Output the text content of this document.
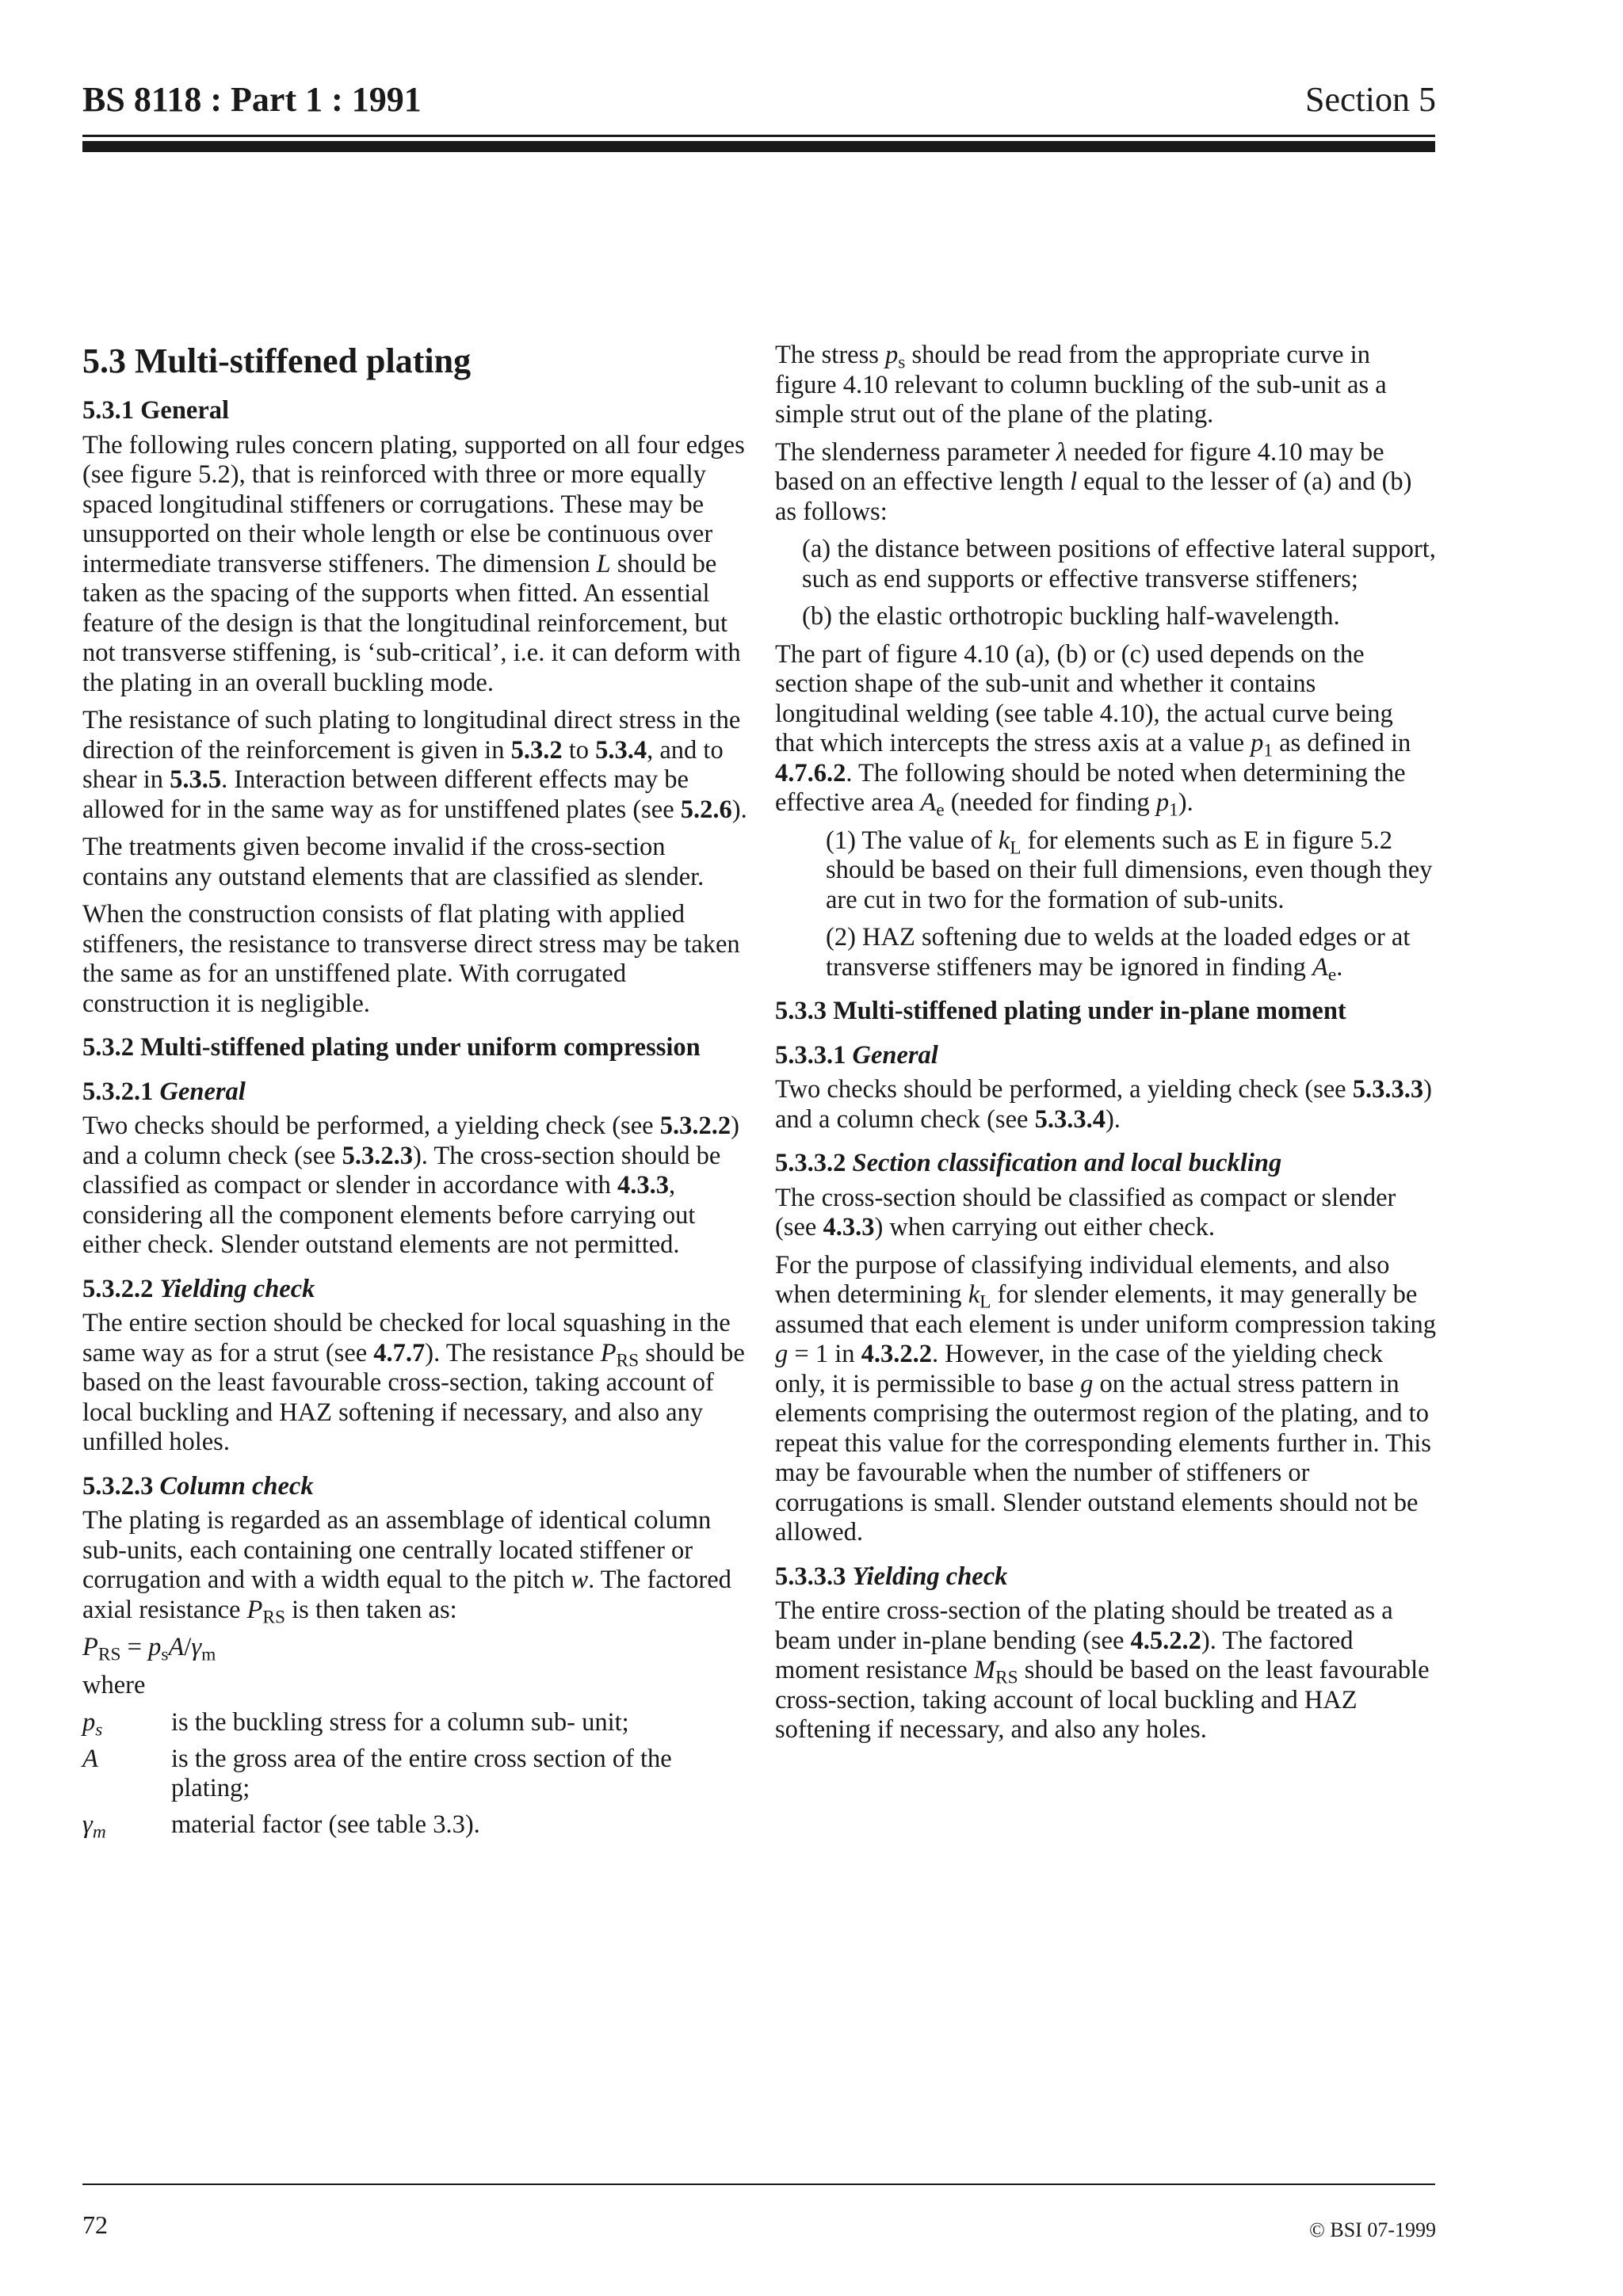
BS 8118 : Part 1 : 1991	Section 5
5.3 Multi-stiffened plating
5.3.1 General

The following rules concern plating, supported on all four edges (see figure 5.2), that is reinforced with three or more equally spaced longitudinal stiffeners or corrugations. These may be unsupported on their whole length or else be continuous over intermediate transverse stiffeners. The dimension L should be taken as the spacing of the supports when fitted. An essential feature of the design is that the longitudinal reinforcement, but not transverse stiffening, is ‘sub-critical’, i.e. it can deform with the plating in an overall buckling mode.

The resistance of such plating to longitudinal direct stress in the direction of the reinforcement is given in 5.3.2 to 5.3.4, and to shear in 5.3.5. Interaction between different effects may be allowed for in the same way as for unstiffened plates (see 5.2.6).

The treatments given become invalid if the cross-section contains any outstand elements that are classified as slender.

When the construction consists of flat plating with applied stiffeners, the resistance to transverse direct stress may be taken the same as for an unstiffened plate. With corrugated construction it is negligible.

5.3.2 Multi-stiffened plating under uniform compression
5.3.2.1 General

Two checks should be performed, a yielding check (see 5.3.2.2) and a column check (see 5.3.2.3). The cross-section should be classified as compact or slender in accordance with 4.3.3, considering all the component elements before carrying out either check. Slender outstand elements are not permitted.

5.3.2.2 Yielding check

The entire section should be checked for local squashing in the same way as for a strut (see 4.7.7). The resistance $P_{RS}$ should be based on the least favourable cross-section, taking account of local buckling and HAZ softening if necessary, and also any unfilled holes.

5.3.2.3 Column check

The plating is regarded as an assemblage of identical column sub-units, each containing one centrally located stiffener or corrugation and with a width equal to the pitch w. The factored axial resistance $P_{RS}$ is then taken as:

$P_{RS} = p_sA/\gamma_m$

where

$p_s$	is the buckling stress for a column sub- unit;
A	is the gross area of the entire cross section of the plating;
$\gamma_m$	material factor (see table 3.3).

The stress $p_s$ should be read from the appropriate curve in figure 4.10 relevant to column buckling of the sub-unit as a simple strut out of the plane of the plating.

The slenderness parameter λ needed for figure 4.10 may be based on an effective length l equal to the lesser of (a) and (b) as follows:

(a) the distance between positions of effective lateral support, such as end supports or effective transverse stiffeners;

(b) the elastic orthotropic buckling half-wavelength.

The part of figure 4.10 (a), (b) or (c) used depends on the section shape of the sub-unit and whether it contains longitudinal welding (see table 4.10), the actual curve being that which intercepts the stress axis at a value $p_1$ as defined in 4.7.6.2. The following should be noted when determining the effective area $A_e$ (needed for finding $p_1$).

(1) The value of $k_L$ for elements such as E in figure 5.2 should be based on their full dimensions, even though they are cut in two for the formation of sub-units.

(2) HAZ softening due to welds at the loaded edges or at transverse stiffeners may be ignored in finding $A_e$.

5.3.3 Multi-stiffened plating under in-plane moment
5.3.3.1 General

Two checks should be performed, a yielding check (see 5.3.3.3) and a column check (see 5.3.3.4).

5.3.3.2 Section classification and local buckling

The cross-section should be classified as compact or slender (see 4.3.3) when carrying out either check.

For the purpose of classifying individual elements, and also when determining $k_L$ for slender elements, it may generally be assumed that each element is under uniform compression taking g = 1 in 4.3.2.2. However, in the case of the yielding check only, it is permissible to base g on the actual stress pattern in elements comprising the outermost region of the plating, and to repeat this value for the corresponding elements further in. This may be favourable when the number of stiffeners or corrugations is small. Slender outstand elements should not be allowed.

5.3.3.3 Yielding check

The entire cross-section of the plating should be treated as a beam under in-plane bending (see 4.5.2.2). The factored moment resistance $M_{RS}$ should be based on the least favourable cross-section, taking account of local buckling and HAZ softening if necessary, and also any holes.

72	© BSI 07-1999
